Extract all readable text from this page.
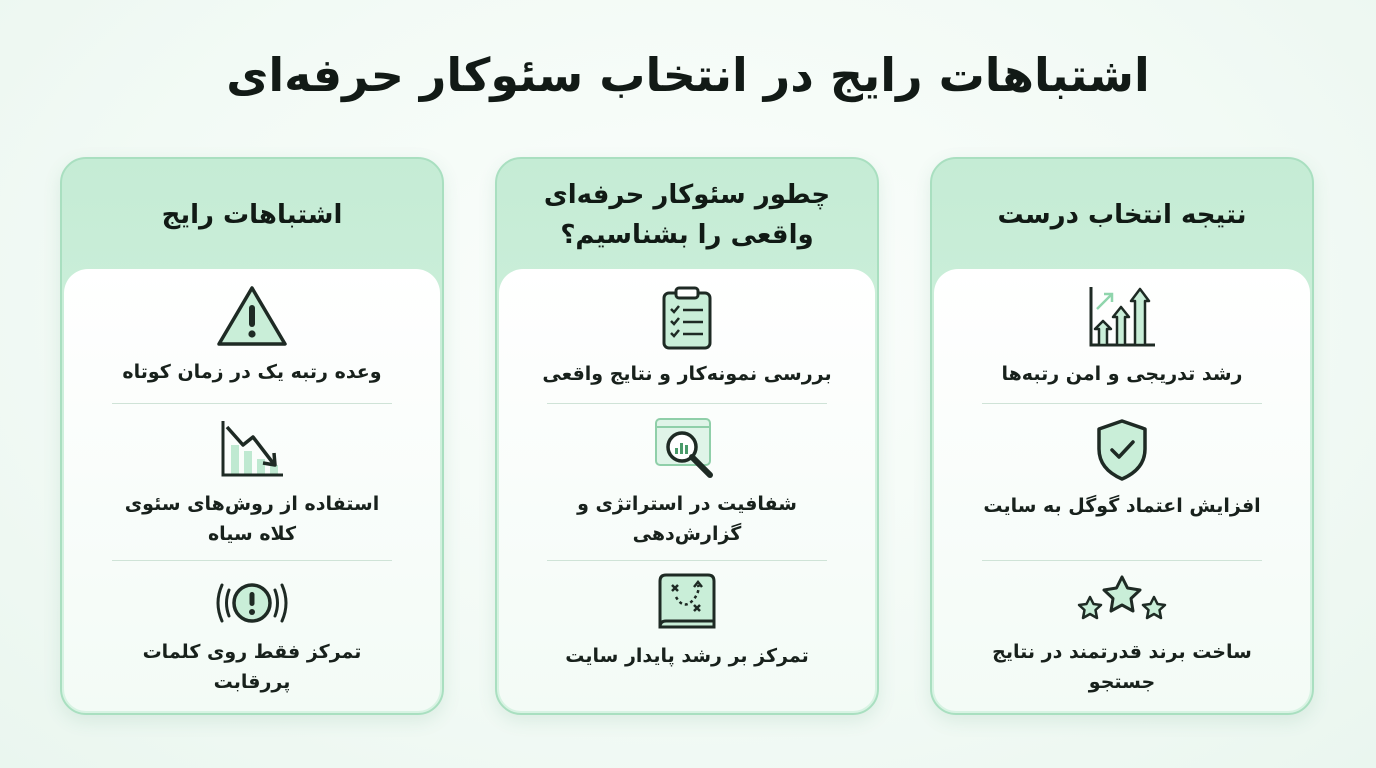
اشتباهات رایج در انتخاب سئوکار حرفه‌ای
اشتباهات رایج
وعده رتبه یک در زمان کوتاه
استفاده از روش‌های سئوی کلاه سیاه
تمرکز فقط روی کلمات پررقابت
چطور سئوکار حرفه‌ای واقعی را بشناسیم؟
بررسی نمونه‌کار و نتایج واقعی
شفافیت در استراتژی و گزارش‌دهی
تمرکز بر رشد پایدار سایت
نتیجه انتخاب درست
رشد تدریجی و امن رتبه‌ها
افزایش اعتماد گوگل به سایت
ساخت برند قدرتمند در نتایج جستجو
